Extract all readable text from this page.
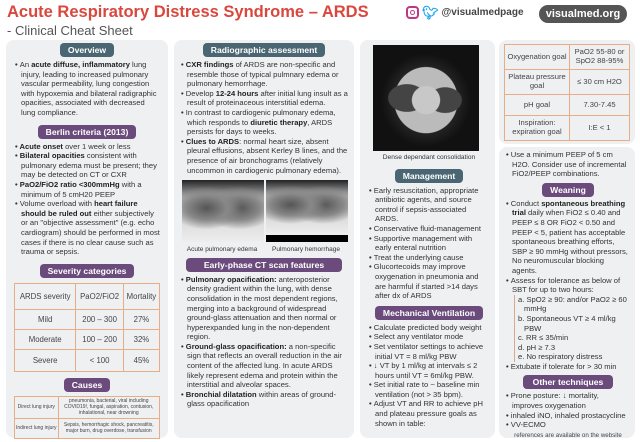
Acute Respiratory Distress Syndrome – ARDS
- Clinical Cheat Sheet
🐦︎ @visualmedpage	visualmed.org
Overview
• An acute diffuse, inflammatory lung injury, leading to increased pulmonary vascular permeability, lung congestion with hypoxemia and bilateral radigraphic opacities, associated with decreased lung compliance.
Berlin criteria (2013)
• Acute onset over 1 week or less
• Bilateral opacities consistent with pulmonary edema must be present; they may be detected on CT or CXR
• PaO2/FiO2 ratio <300mmHg with a minimum of 5 cmH20 PEEP
• Volume overload with heart failure should be ruled out either subjectively or an "objective assessment" (e.g. echo cardiogram) should be performed in most cases if there is no clear cause such as trauma or sepsis.
Severity categories
ARDS severity	PaO2/FiO2	Mortality
Mild	200 – 300	27%
Moderate	100 – 200	32%
Severe	< 100	45%
Causes
Direct lung injury	pneumonia, bacterial, viral including COVID19!, fungal, aspiration, contusion, inhalational, near drowning
Indirect lung injury	Sepsis, hemorrhagic shock, pancreatitis, major burn, drug overdose, transfusion
Radiographic assessment
• CXR findings of ARDS are non-specific and resemble those of typical pulmnary edema or pulmonary hemorrhage.
• Develop 12-24 hours after initial lung insult as a result of proteinaceous interstitial edema.
• In contrast to cardiogenic pulmonary edema, which responds to diuretic therapy, ARDS persists for days to weeks.
• Clues to ARDS: normal heart size, absent pleural effusions, absent Kerley B lines, and the presence of air bronchograms (relatively uncommon in cardiogenic pulmonary edema).
Acute pulmonary edema	Pulmonary hemorrhage
Early-phase CT scan features
• Pulmonary opacification: anteroposterior density gradient within the lung, with dense consolidation in the most dependent regions, merging into a background of widespread ground-glass attenuation and then normal or hyperexpanded lung in the non-dependent region.
• Ground-glass opacification: a non-specific sign that reflects an overall reduction in the air content of the affected lung. In acute ARDS likely represent edema and protein within the interstitial and alveolar spaces.
• Bronchial dilatation within areas of ground-glass opacification
Dense dependant consolidation
Management
• Early resuscitation, appropriate antibiotic agents, and source control if sepsis-associated ARDS.
• Conservative fluid-management
• Supportive management with early enteral nutrition
• Treat the underlying cause
• Glucortecoids may improve oxygenation in pneumonia and are harmful if started >14 days after dx of ARDS
Mechanical Ventilation
• Calculate predicted body weight
• Select any ventilator mode
• Set ventilator settings to achieve initial VT = 8 ml/kg PBW
• ↓ VT by 1 ml/kg at intervals ≤ 2 hours until VT = 6ml/kg PBW.
• Set initial rate to ~ baseline min ventilation (not > 35 bpm).
• Adjust VT and RR to achieve pH and plateau pressure goals as shown in table:
Oxygenation goal	PaO2 55-80 or SpO2 88-95%
Plateau pressure goal	≤ 30 cm H2O
pH goal	7.30-7.45
Inspiration: expiration goal	I:E < 1
• Use a minimum PEEP of 5 cm H2O. Consider use of incremental FiO2/PEEP combinations.
Weaning
• Conduct spontaneous breathing trial daily when FiO2 ≤ 0.40 and PEEP ≤ 8 OR FiO2 < 0.50 and PEEP < 5, patient has acceptable spontaneous breathing efforts, SBP ≥ 90 mmHg without pressors, No neuromuscular blocking agents.
• Assess for tolerance as below of SBT for up to two hours:
a. SpO2 ≥ 90: and/or PaO2 ≥ 60 mmHg
b. Spontaneous VT ≥ 4 ml/kg PBW
c. RR ≤ 35/min
d. pH ≥ 7.3
e. No respiratory distress
• Extubate if tolerate for > 30 min
Other techniques
• Prone posture: ↓ mortality, improves oxygenation
• inhaled iNO, inhaled prostacycline
• VV-ECMO
references are available on the website
